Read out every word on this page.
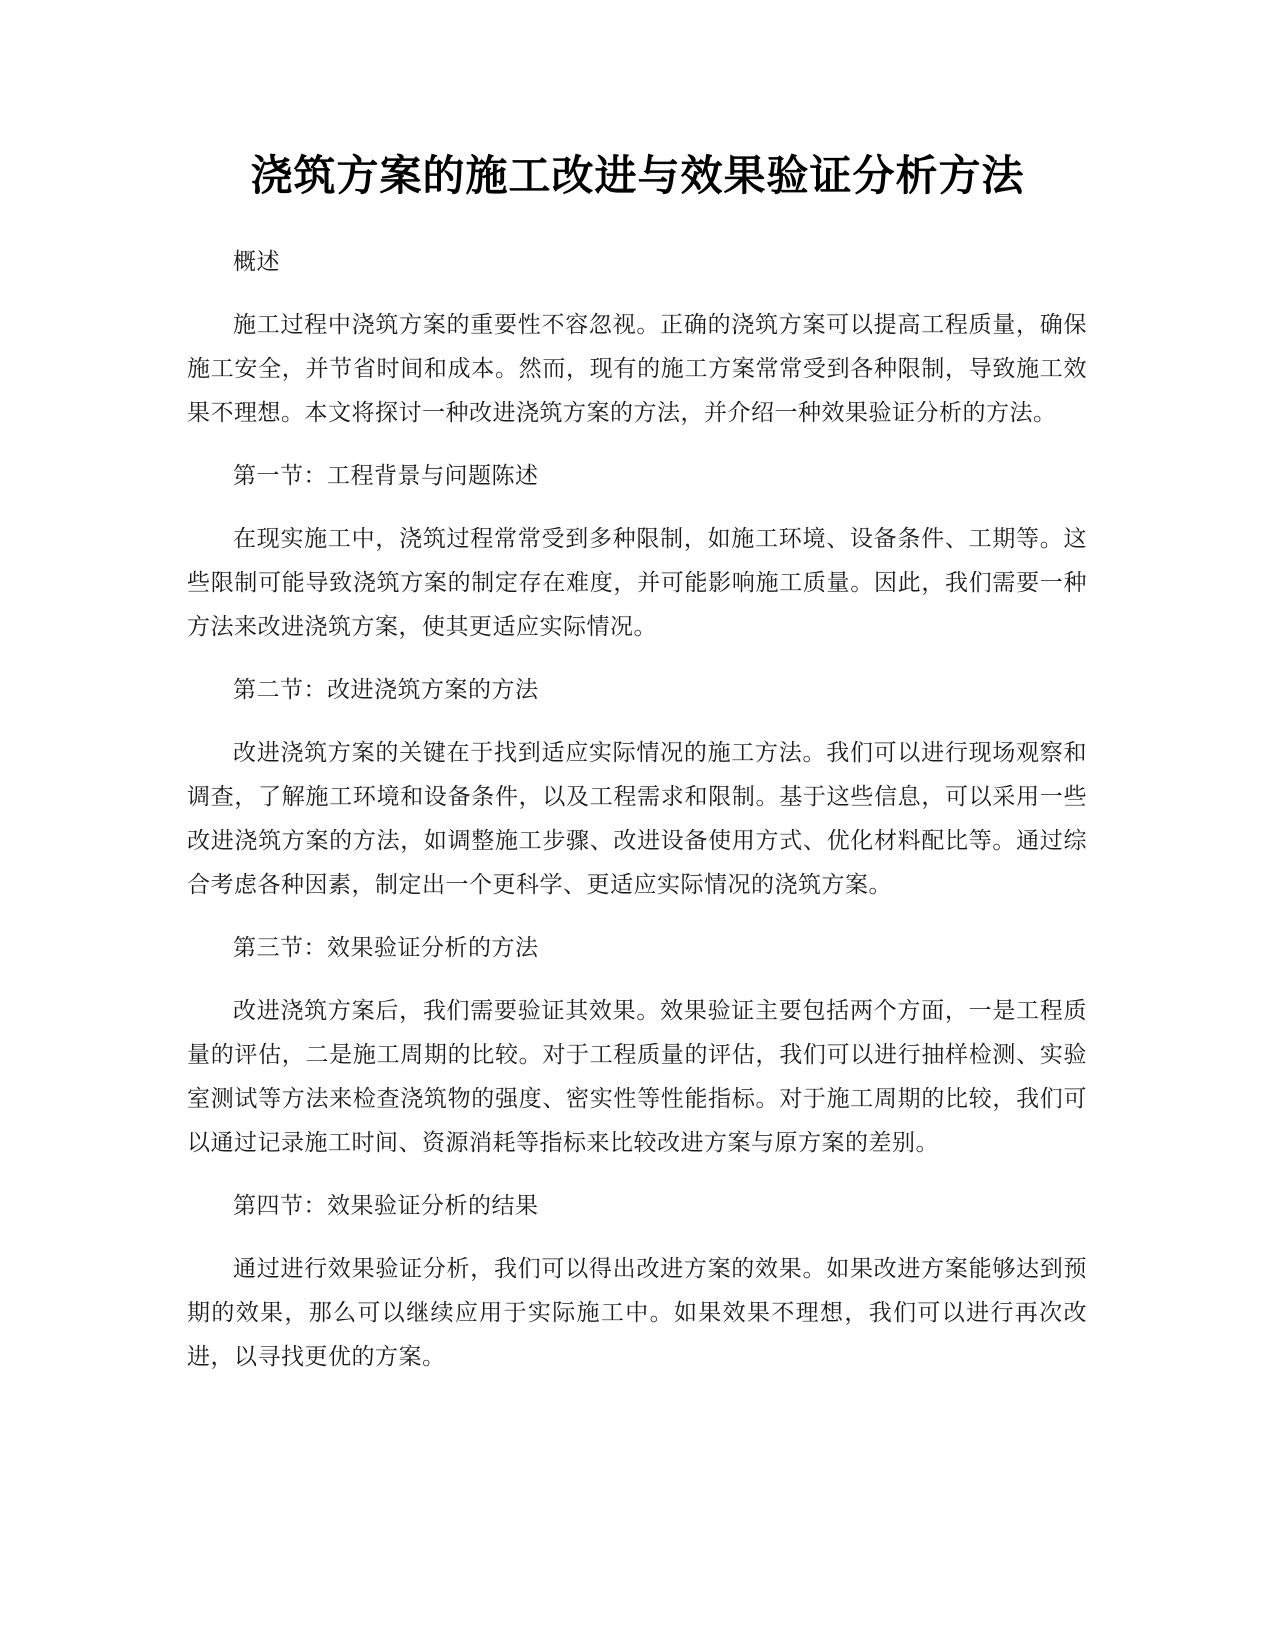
浇筑方案的施工改进与效果验证分析方法

概述

施工过程中浇筑方案的重要性不容忽视。正确的浇筑方案可以提高工程质量，确保施工安全，并节省时间和成本。然而，现有的施工方案常常受到各种限制，导致施工效果不理想。本文将探讨一种改进浇筑方案的方法，并介绍一种效果验证分析的方法。

第一节：工程背景与问题陈述

在现实施工中，浇筑过程常常受到多种限制，如施工环境、设备条件、工期等。这些限制可能导致浇筑方案的制定存在难度，并可能影响施工质量。因此，我们需要一种方法来改进浇筑方案，使其更适应实际情况。

第二节：改进浇筑方案的方法

改进浇筑方案的关键在于找到适应实际情况的施工方法。我们可以进行现场观察和调查，了解施工环境和设备条件，以及工程需求和限制。基于这些信息，可以采用一些改进浇筑方案的方法，如调整施工步骤、改进设备使用方式、优化材料配比等。通过综合考虑各种因素，制定出一个更科学、更适应实际情况的浇筑方案。

第三节：效果验证分析的方法

改进浇筑方案后，我们需要验证其效果。效果验证主要包括两个方面，一是工程质量的评估，二是施工周期的比较。对于工程质量的评估，我们可以进行抽样检测、实验室测试等方法来检查浇筑物的强度、密实性等性能指标。对于施工周期的比较，我们可以通过记录施工时间、资源消耗等指标来比较改进方案与原方案的差别。

第四节：效果验证分析的结果

通过进行效果验证分析，我们可以得出改进方案的效果。如果改进方案能够达到预期的效果，那么可以继续应用于实际施工中。如果效果不理想，我们可以进行再次改进，以寻找更优的方案。
